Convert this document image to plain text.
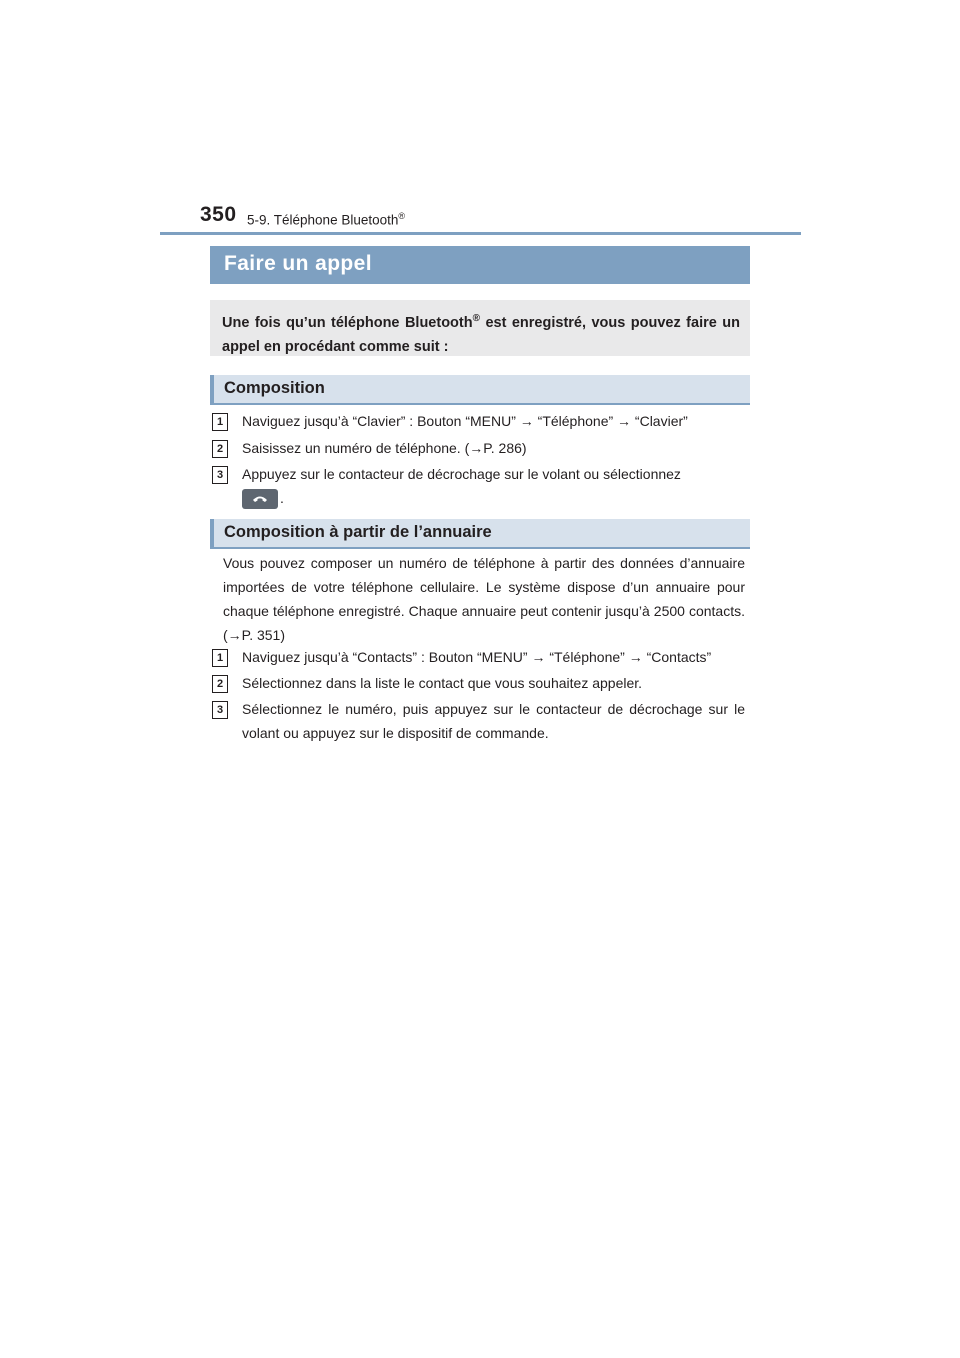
350 5-9. Téléphone Bluetooth®
Faire un appel
Une fois qu’un téléphone Bluetooth® est enregistré, vous pouvez faire un appel en procédant comme suit :
Composition
1	Naviguez jusqu’à “Clavier” : Bouton “MENU” → “Téléphone” → “Clavier”
2	Saisissez un numéro de téléphone. (→P. 286)
3	Appuyez sur le contacteur de décrochage sur le volant ou sélectionnez

.
Composition à partir de l’annuaire
Vous pouvez composer un numéro de téléphone à partir des données d’annuaire importées de votre téléphone cellulaire. Le système dispose d’un annuaire pour chaque téléphone enregistré. Chaque annuaire peut contenir jusqu’à 2500 contacts. (→P. 351)
1	Naviguez jusqu’à “Contacts” : Bouton “MENU” → “Téléphone” → “Contacts”
2	Sélectionnez dans la liste le contact que vous souhaitez appeler.
3	Sélectionnez le numéro, puis appuyez sur le contacteur de décrochage sur le volant ou appuyez sur le dispositif de commande.
